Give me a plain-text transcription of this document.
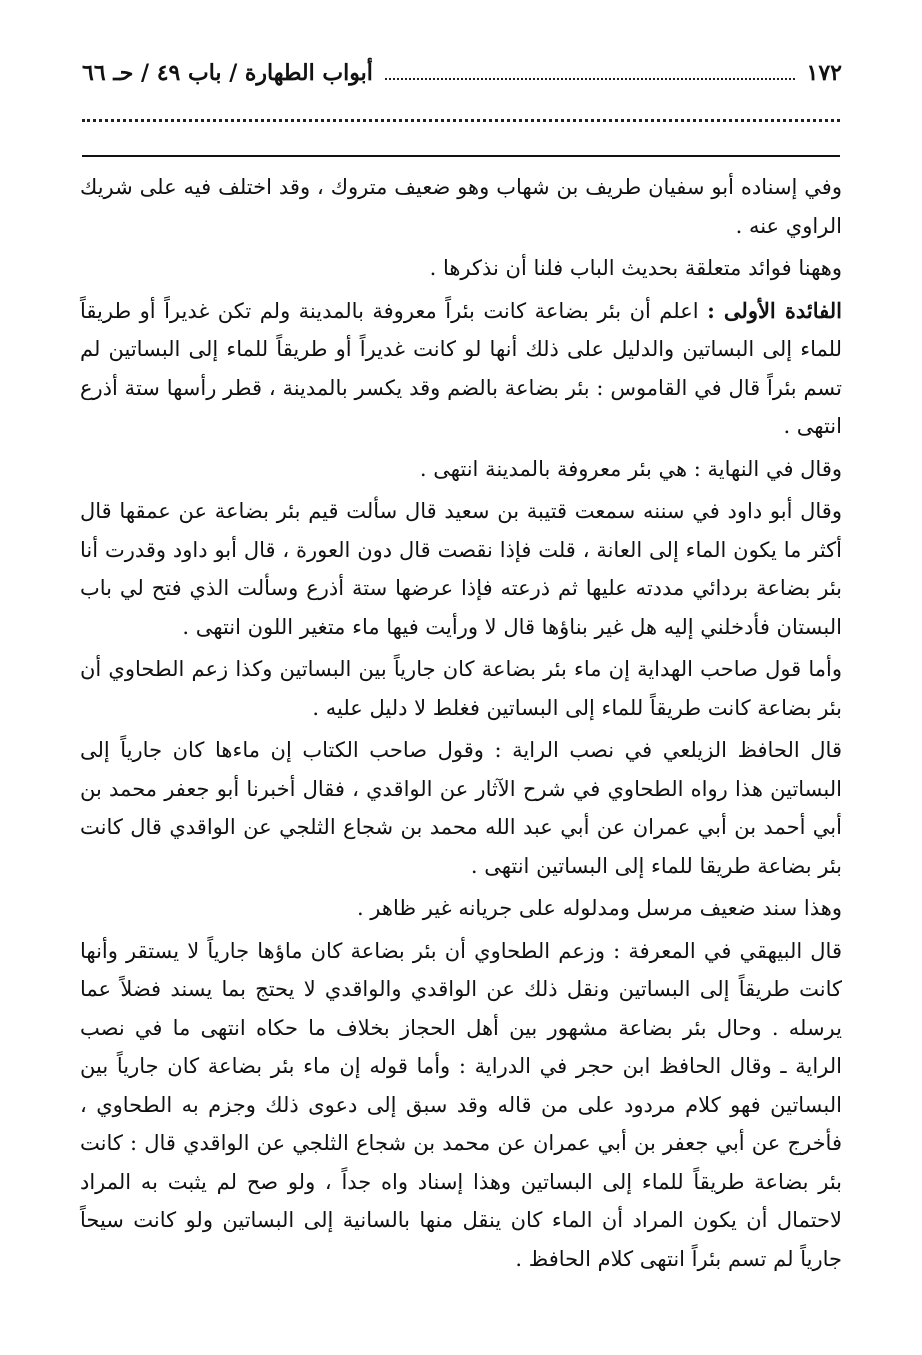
١٧٢
أبواب الطهارة / باب ٤٩ / حـ ٦٦

وفي إسناده أبو سفيان طريف بن شهاب وهو ضعيف متروك ، وقد اختلف فيه على شريك الراوي عنه .

وههنا فوائد متعلقة بحديث الباب فلنا أن نذكرها .

الفائدة الأولى : اعلم أن بئر بضاعة كانت بئراً معروفة بالمدينة ولم تكن غديراً أو طريقاً للماء إلى البساتين والدليل على ذلك أنها لو كانت غديراً أو طريقاً للماء إلى البساتين لم تسم بئراً قال في القاموس : بئر بضاعة بالضم وقد يكسر بالمدينة ، قطر رأسها ستة أذرع انتهى .

وقال في النهاية : هي بئر معروفة بالمدينة انتهى .

وقال أبو داود في سننه سمعت قتيبة بن سعيد قال سألت قيم بئر بضاعة عن عمقها قال أكثر ما يكون الماء إلى العانة ، قلت فإذا نقصت قال دون العورة ، قال أبو داود وقدرت أنا بئر بضاعة بردائي مددته عليها ثم ذرعته فإذا عرضها ستة أذرع وسألت الذي فتح لي باب البستان فأدخلني إليه هل غير بناؤها قال لا ورأيت فيها ماء متغير اللون انتهى .

وأما قول صاحب الهداية إن ماء بئر بضاعة كان جارياً بين البساتين وكذا زعم الطحاوي أن بئر بضاعة كانت طريقاً للماء إلى البساتين فغلط لا دليل عليه .

قال الحافظ الزيلعي في نصب الراية : وقول صاحب الكتاب إن ماءها كان جارياً إلى البساتين هذا رواه الطحاوي في شرح الآثار عن الواقدي ، فقال أخبرنا أبو جعفر محمد بن أبي أحمد بن أبي عمران عن أبي عبد الله محمد بن شجاع الثلجي عن الواقدي قال كانت بئر بضاعة طريقا للماء إلى البساتين انتهى .

وهذا سند ضعيف مرسل ومدلوله على جريانه غير ظاهر .

قال البيهقي في المعرفة : وزعم الطحاوي أن بئر بضاعة كان ماؤها جارياً لا يستقر وأنها كانت طريقاً إلى البساتين ونقل ذلك عن الواقدي والواقدي لا يحتج بما يسند فضلاً عما يرسله . وحال بئر بضاعة مشهور بين أهل الحجاز بخلاف ما حكاه انتهى ما في نصب الراية ـ وقال الحافظ ابن حجر في الدراية : وأما قوله إن ماء بئر بضاعة كان جارياً بين البساتين فهو كلام مردود على من قاله وقد سبق إلى دعوى ذلك وجزم به الطحاوي ، فأخرج عن أبي جعفر بن أبي عمران عن محمد بن شجاع الثلجي عن الواقدي قال : كانت بئر بضاعة طريقاً للماء إلى البساتين وهذا إسناد واه جداً ، ولو صح لم يثبت به المراد لاحتمال أن يكون المراد أن الماء كان ينقل منها بالسانية إلى البساتين ولو كانت سيحاً جارياً لم تسم بئراً انتهى كلام الحافظ .
